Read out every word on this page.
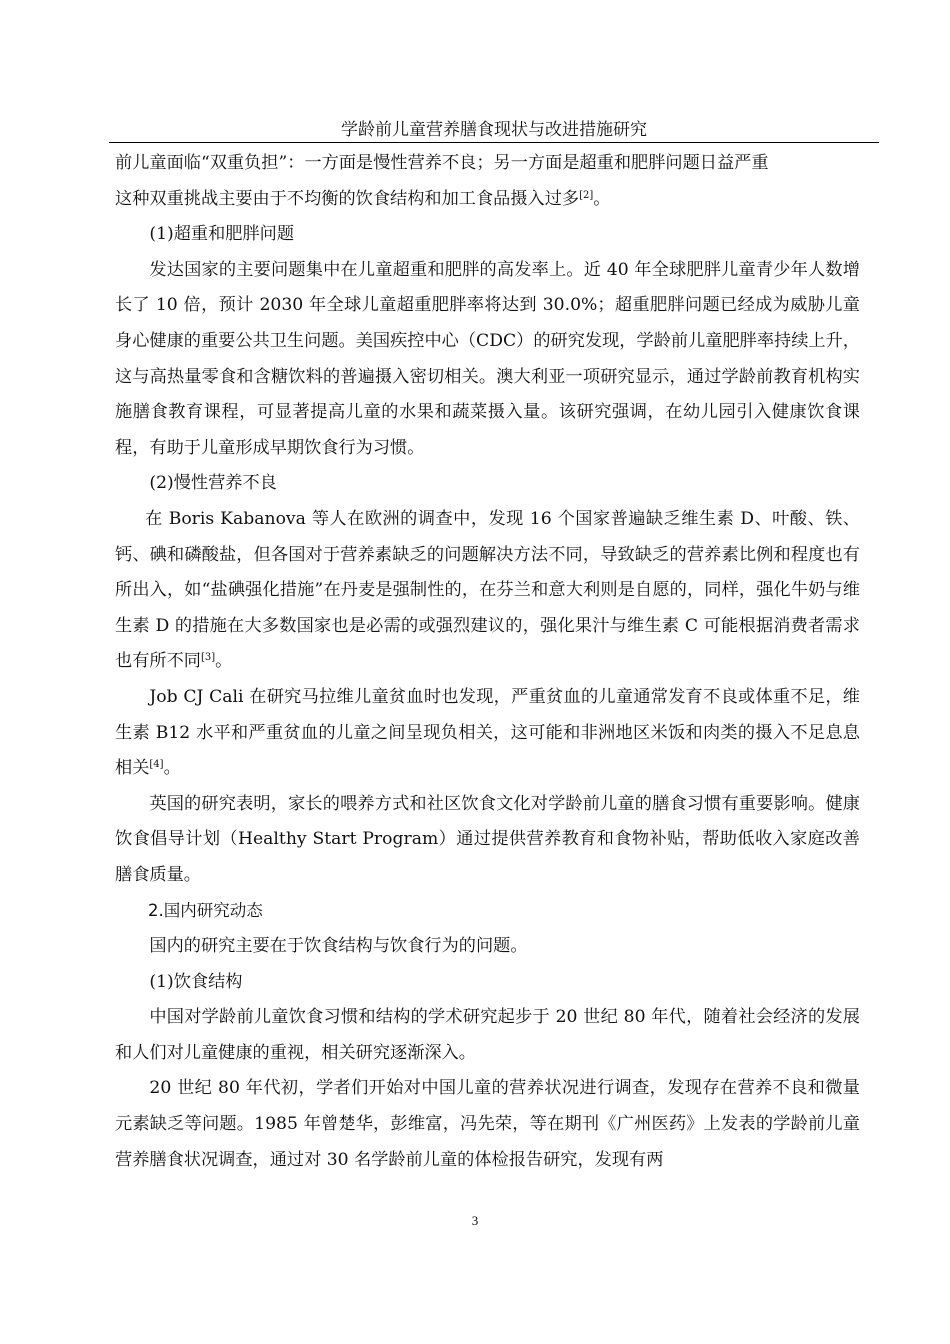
学龄前儿童营养膳食现状与改进措施研究

前儿童面临“双重负担”：一方面是慢性营养不良；另一方面是超重和肥胖问题日益严重

这种双重挑战主要由于不均衡的饮食结构和加工食品摄入过多[2]。

(1)超重和肥胖问题

发达国家的主要问题集中在儿童超重和肥胖的高发率上。近 40 年全球肥胖儿童青少年人数增长了 10 倍，预计 2030 年全球儿童超重肥胖率将达到 30.0%；超重肥胖问题已经成为威胁儿童身心健康的重要公共卫生问题。美国疾控中心（CDC）的研究发现，学龄前儿童肥胖率持续上升，这与高热量零食和含糖饮料的普遍摄入密切相关。澳大利亚一项研究显示，通过学龄前教育机构实施膳食教育课程，可显著提高儿童的水果和蔬菜摄入量。该研究强调，在幼儿园引入健康饮食课程，有助于儿童形成早期饮食行为习惯。

(2)慢性营养不良

在 Boris Kabanova 等人在欧洲的调查中，发现 16 个国家普遍缺乏维生素 D、叶酸、铁、钙、碘和磷酸盐，但各国对于营养素缺乏的问题解决方法不同，导致缺乏的营养素比例和程度也有所出入，如“盐碘强化措施”在丹麦是强制性的，在芬兰和意大利则是自愿的，同样，强化牛奶与维生素 D 的措施在大多数国家也是必需的或强烈建议的，强化果汁与维生素 C 可能根据消费者需求也有所不同[3]。

Job CJ Cali 在研究马拉维儿童贫血时也发现，严重贫血的儿童通常发育不良或体重不足，维生素 B12 水平和严重贫血的儿童之间呈现负相关，这可能和非洲地区米饭和肉类的摄入不足息息相关[4]。

英国的研究表明，家长的喂养方式和社区饮食文化对学龄前儿童的膳食习惯有重要影响。健康饮食倡导计划（Healthy Start Program）通过提供营养教育和食物补贴，帮助低收入家庭改善膳食质量。

2.国内研究动态

国内的研究主要在于饮食结构与饮食行为的问题。

(1)饮食结构

中国对学龄前儿童饮食习惯和结构的学术研究起步于 20 世纪 80 年代，随着社会经济的发展和人们对儿童健康的重视，相关研究逐渐深入。

20 世纪 80 年代初，学者们开始对中国儿童的营养状况进行调查，发现存在营养不良和微量元素缺乏等问题。1985 年曾楚华，彭维富，冯先荣，等在期刊《广州医药》上发表的学龄前儿童营养膳食状况调查，通过对 30 名学龄前儿童的体检报告研究，发现有两

3
